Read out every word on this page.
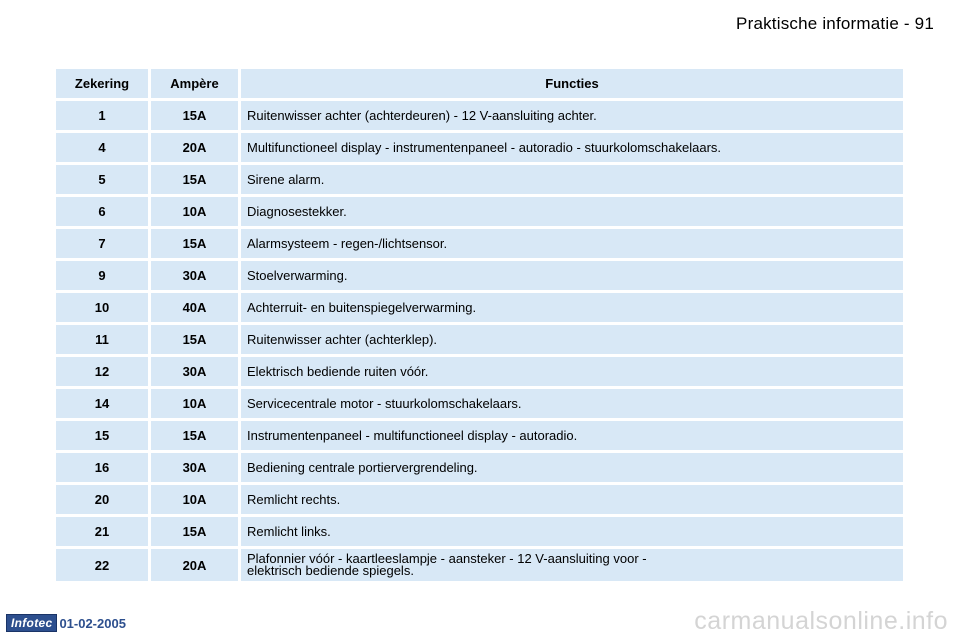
Praktische informatie - 91
Zekering	Ampère	Functies
1	15A	Ruitenwisser achter (achterdeuren) - 12 V-aansluiting achter.
4	20A	Multifunctioneel display - instrumentenpaneel - autoradio - stuurkolomschakelaars.
5	15A	Sirene alarm.
6	10A	Diagnosestekker.
7	15A	Alarmsysteem - regen-/lichtsensor.
9	30A	Stoelverwarming.
10	40A	Achterruit- en buitenspiegelverwarming.
11	15A	Ruitenwisser achter (achterklep).
12	30A	Elektrisch bediende ruiten vóór.
14	10A	Servicecentrale motor - stuurkolomschakelaars.
15	15A	Instrumentenpaneel - multifunctioneel display - autoradio.
16	30A	Bediening centrale portiervergrendeling.
20	10A	Remlicht rechts.
21	15A	Remlicht links.
22	20A	Plafonnier vóór - kaartleeslampje - aansteker - 12 V-aansluiting voor -
elektrisch bediende spiegels.
Infotec 01-02-2005	carmanualsonline.info
